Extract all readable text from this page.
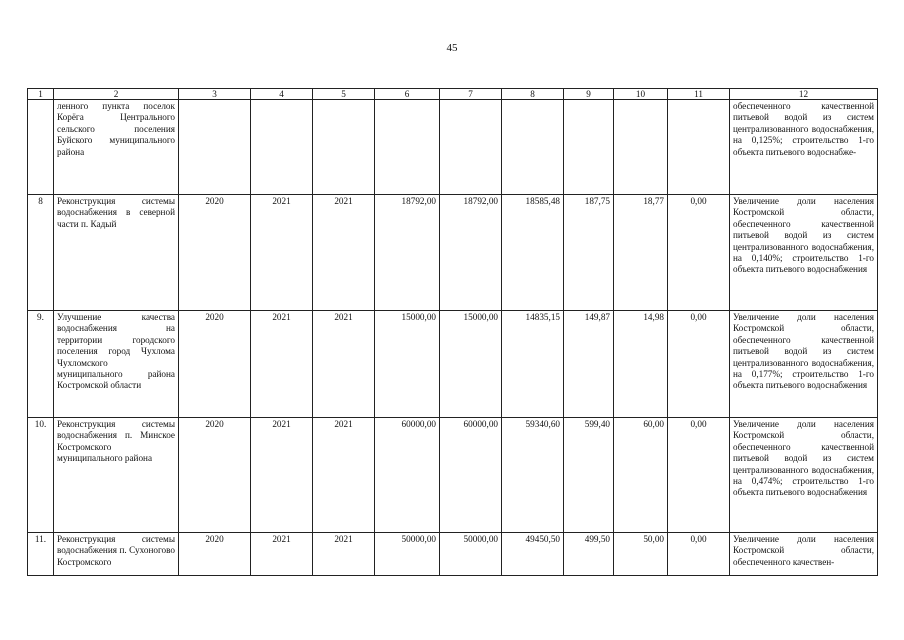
45
1	2	3	4	5	6	7	8	9	10	11	12
	ленного пункта поселок Корёга Центрального сельского поселения Буйского муниципального района										обеспеченного качественной питьевой водой из систем централизованного водоснабжения, на 0,125%; строительство 1-го объекта питьевого водоснабже-
8	Реконструкция системы водоснабжения в северной части п. Кадый	2020	2021	2021	18792,00	18792,00	18585,48	187,75	18,77	0,00	Увеличение доли населения Костромской области, обеспеченного качественной питьевой водой из систем централизованного водоснабжения, на 0,140%; строительство 1-го объекта питьевого водоснабжения
9.	Улучшение качества водоснабжения на территории городского поселения город Чухлома Чухломского муниципального района Костромской области	2020	2021	2021	15000,00	15000,00	14835,15	149,87	14,98	0,00	Увеличение доли населения Костромской области, обеспеченного качественной питьевой водой из систем централизованного водоснабжения, на 0,177%; строительство 1-го объекта питьевого водоснабжения
10.	Реконструкция системы водоснабжения п. Минское Костромского муниципального района	2020	2021	2021	60000,00	60000,00	59340,60	599,40	60,00	0,00	Увеличение доли населения Костромской области, обеспеченного качественной питьевой водой из систем централизованного водоснабжения, на 0,474%; строительство 1-го объекта питьевого водоснабжения
11.	Реконструкция системы водоснабжения п. Сухоногово Костромского	2020	2021	2021	50000,00	50000,00	49450,50	499,50	50,00	0,00	Увеличение доли населения Костромской области, обеспеченного качествен-
